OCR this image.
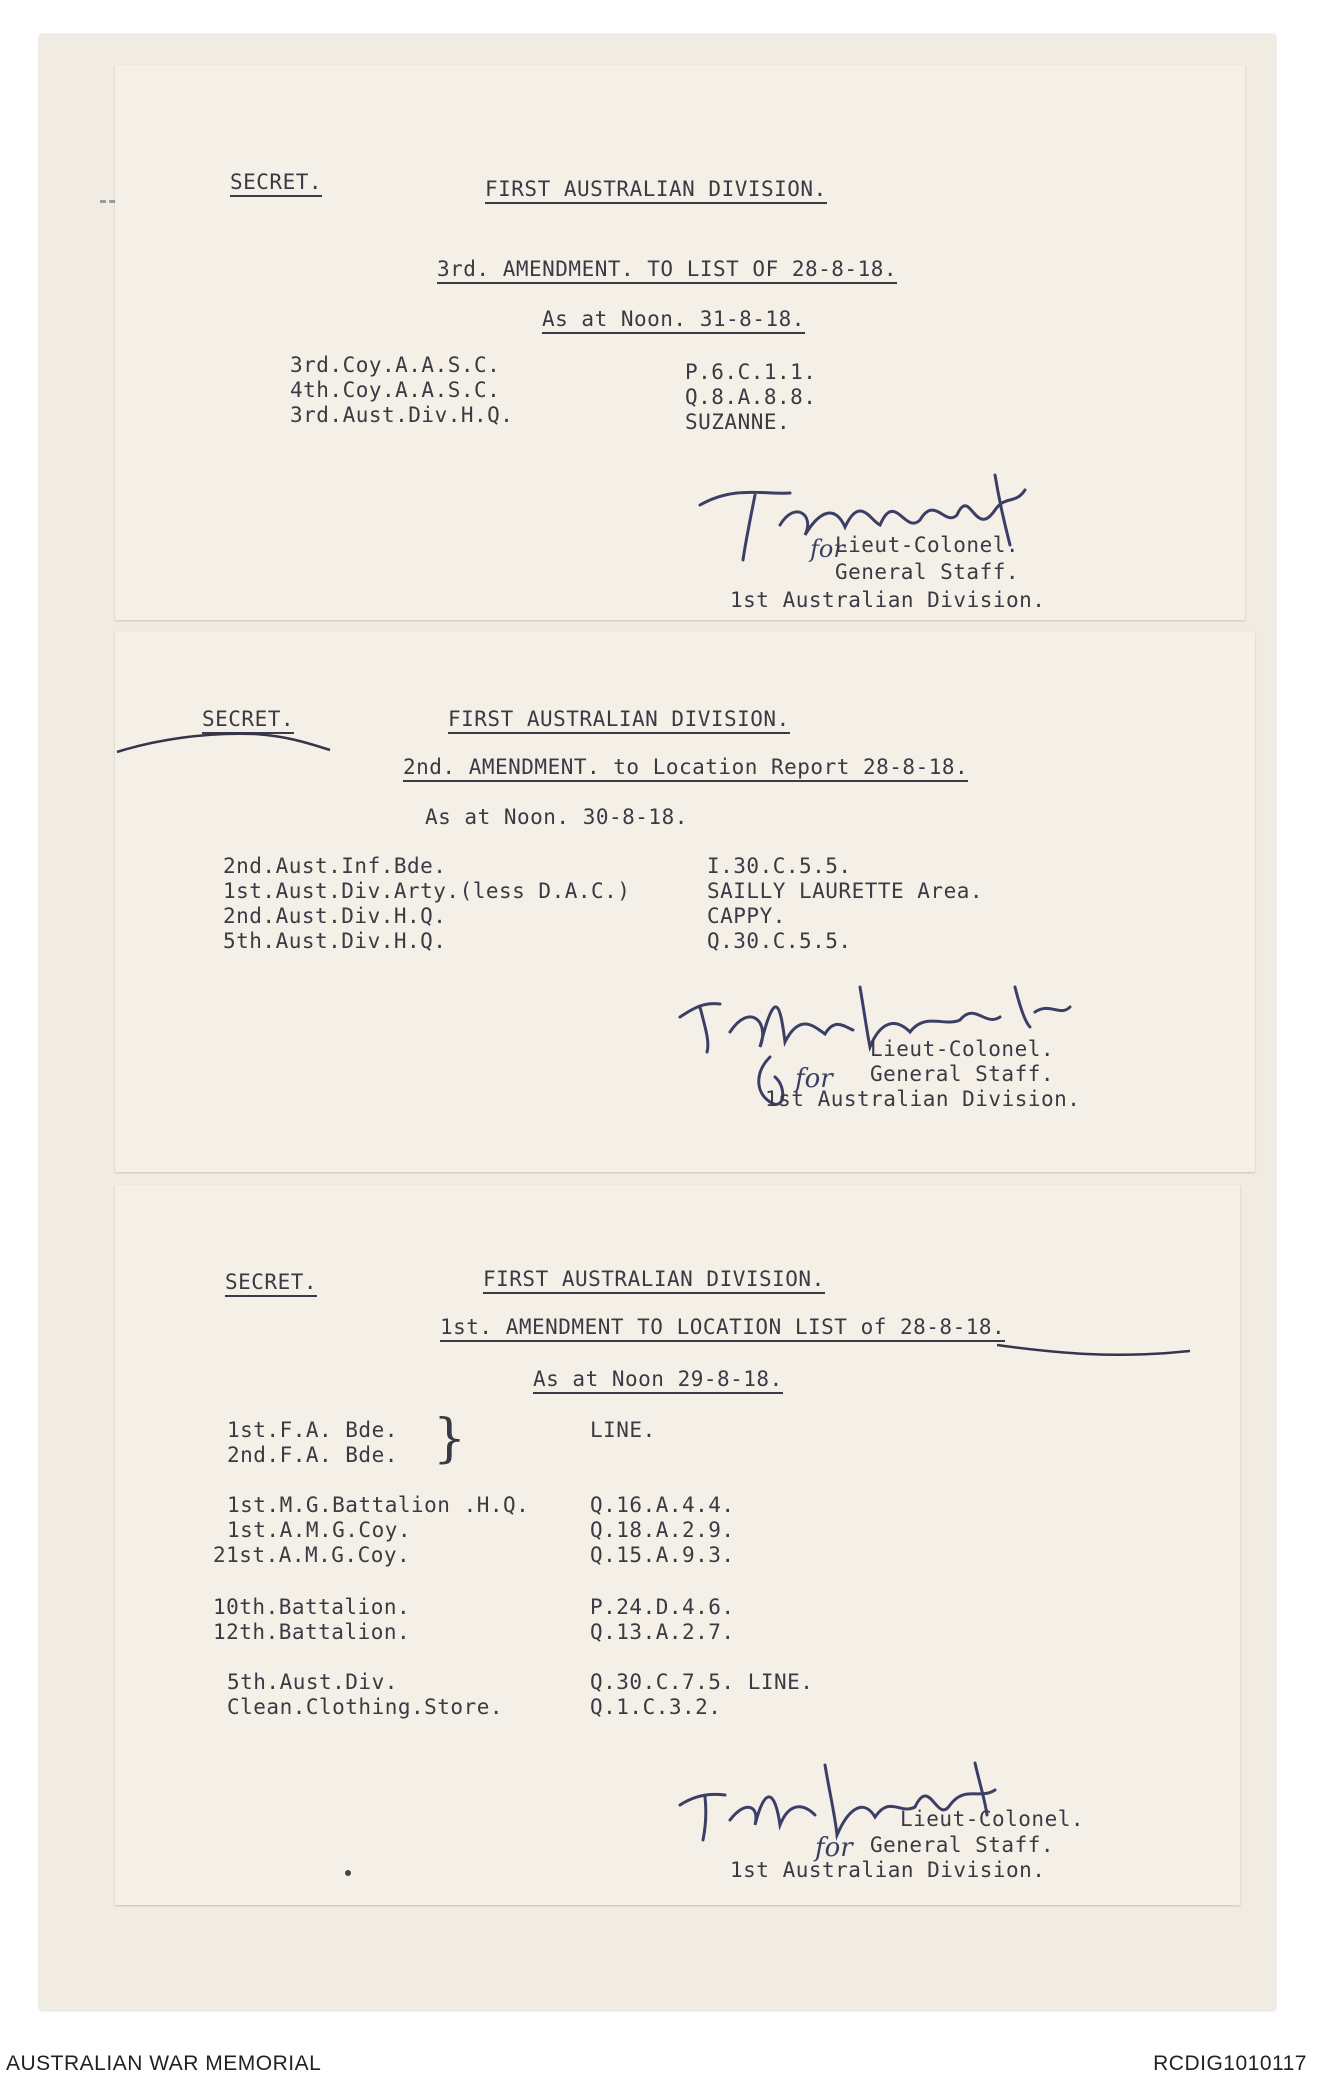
SECRET.	FIRST AUSTRALIAN DIVISION.
3rd. AMENDMENT. TO LIST OF 28-8-18.
As at Noon. 31-8-18.
3rd.Coy.A.A.S.C.	P.6.C.1.1.
4th.Coy.A.A.S.C.	Q.8.A.8.8.
3rd.Aust.Div.H.Q.	SUZANNE.
for
Lieut-Colonel.
General Staff.
1st Australian Division.
SECRET.	FIRST AUSTRALIAN DIVISION.
2nd. AMENDMENT. to Location Report 28-8-18.
As at Noon. 30-8-18.
2nd.Aust.Inf.Bde.	I.30.C.5.5.
1st.Aust.Div.Arty.(less D.A.C.)	SAILLY LAURETTE Area.
2nd.Aust.Div.H.Q.	CAPPY.
5th.Aust.Div.H.Q.	Q.30.C.5.5.
for
Lieut-Colonel.
General Staff.
1st Australian Division.
SECRET.	FIRST AUSTRALIAN DIVISION.
1st. AMENDMENT TO LOCATION LIST of 28-8-18.
As at Noon 29-8-18.
1st.F.A. Bde.	LINE.
2nd.F.A. Bde. }
1st.M.G.Battalion .H.Q.	Q.16.A.4.4.
1st.A.M.G.Coy.	Q.18.A.2.9.
21st.A.M.G.Coy.	Q.15.A.9.3.
10th.Battalion.	P.24.D.4.6.
12th.Battalion.	Q.13.A.2.7.
5th.Aust.Div.	Q.30.C.7.5. LINE.
Clean.Clothing.Store.	Q.1.C.3.2.
for
Lieut-Colonel.
General Staff.
1st Australian Division.
AUSTRALIAN WAR MEMORIAL	RCDIG1010117
